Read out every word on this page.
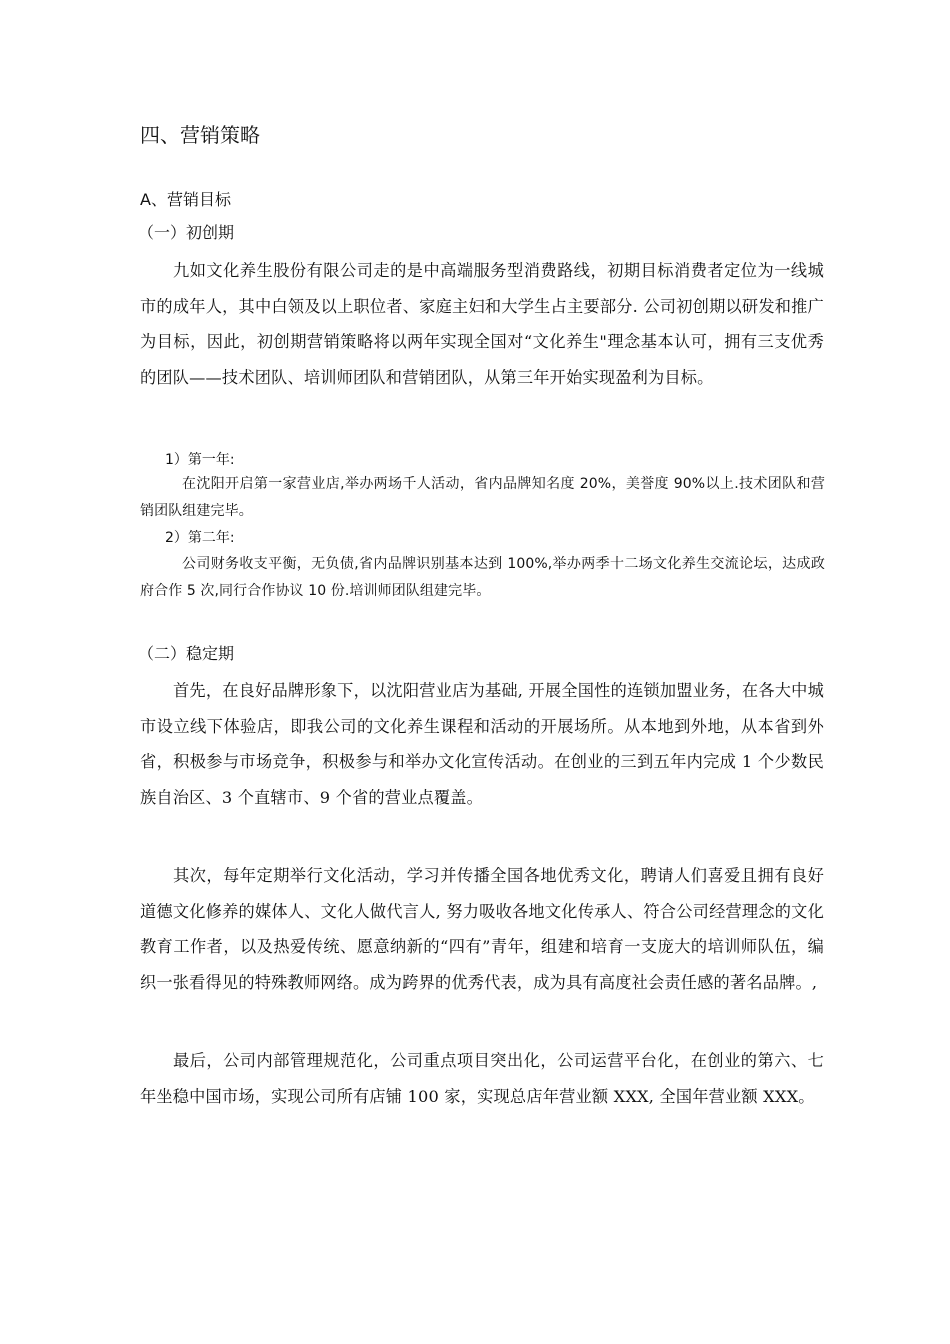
四、营销策略

A、营销目标

（一）初创期

九如文化养生股份有限公司走的是中高端服务型消费路线，初期目标消费者定位为一线城市的成年人，其中白领及以上职位者、家庭主妇和大学生占主要部分. 公司初创期以研发和推广为目标，因此，初创期营销策略将以两年实现全国对“文化养生"理念基本认可，拥有三支优秀的团队——技术团队、培训师团队和营销团队，从第三年开始实现盈利为目标。

1）第一年:

在沈阳开启第一家营业店,举办两场千人活动，省内品牌知名度 20%，美誉度 90%以上.技术团队和营销团队组建完毕。

2）第二年:

公司财务收支平衡，无负债,省内品牌识别基本达到 100%,举办两季十二场文化养生交流论坛，达成政府合作 5 次,同行合作协议 10 份.培训师团队组建完毕。

（二）稳定期

首先，在良好品牌形象下，以沈阳营业店为基础, 开展全国性的连锁加盟业务，在各大中城市设立线下体验店，即我公司的文化养生课程和活动的开展场所。从本地到外地，从本省到外省，积极参与市场竞争，积极参与和举办文化宣传活动。在创业的三到五年内完成 1 个少数民族自治区、3 个直辖市、9 个省的营业点覆盖。

其次，每年定期举行文化活动，学习并传播全国各地优秀文化，聘请人们喜爱且拥有良好道德文化修养的媒体人、文化人做代言人, 努力吸收各地文化传承人、符合公司经营理念的文化教育工作者，以及热爱传统、愿意纳新的“四有”青年，组建和培育一支庞大的培训师队伍，编织一张看得见的特殊教师网络。成为跨界的优秀代表，成为具有高度社会责任感的著名品牌。,

最后，公司内部管理规范化，公司重点项目突出化，公司运营平台化，在创业的第六、七年坐稳中国市场，实现公司所有店铺 100 家，实现总店年营业额 XXX, 全国年营业额 XXX。
